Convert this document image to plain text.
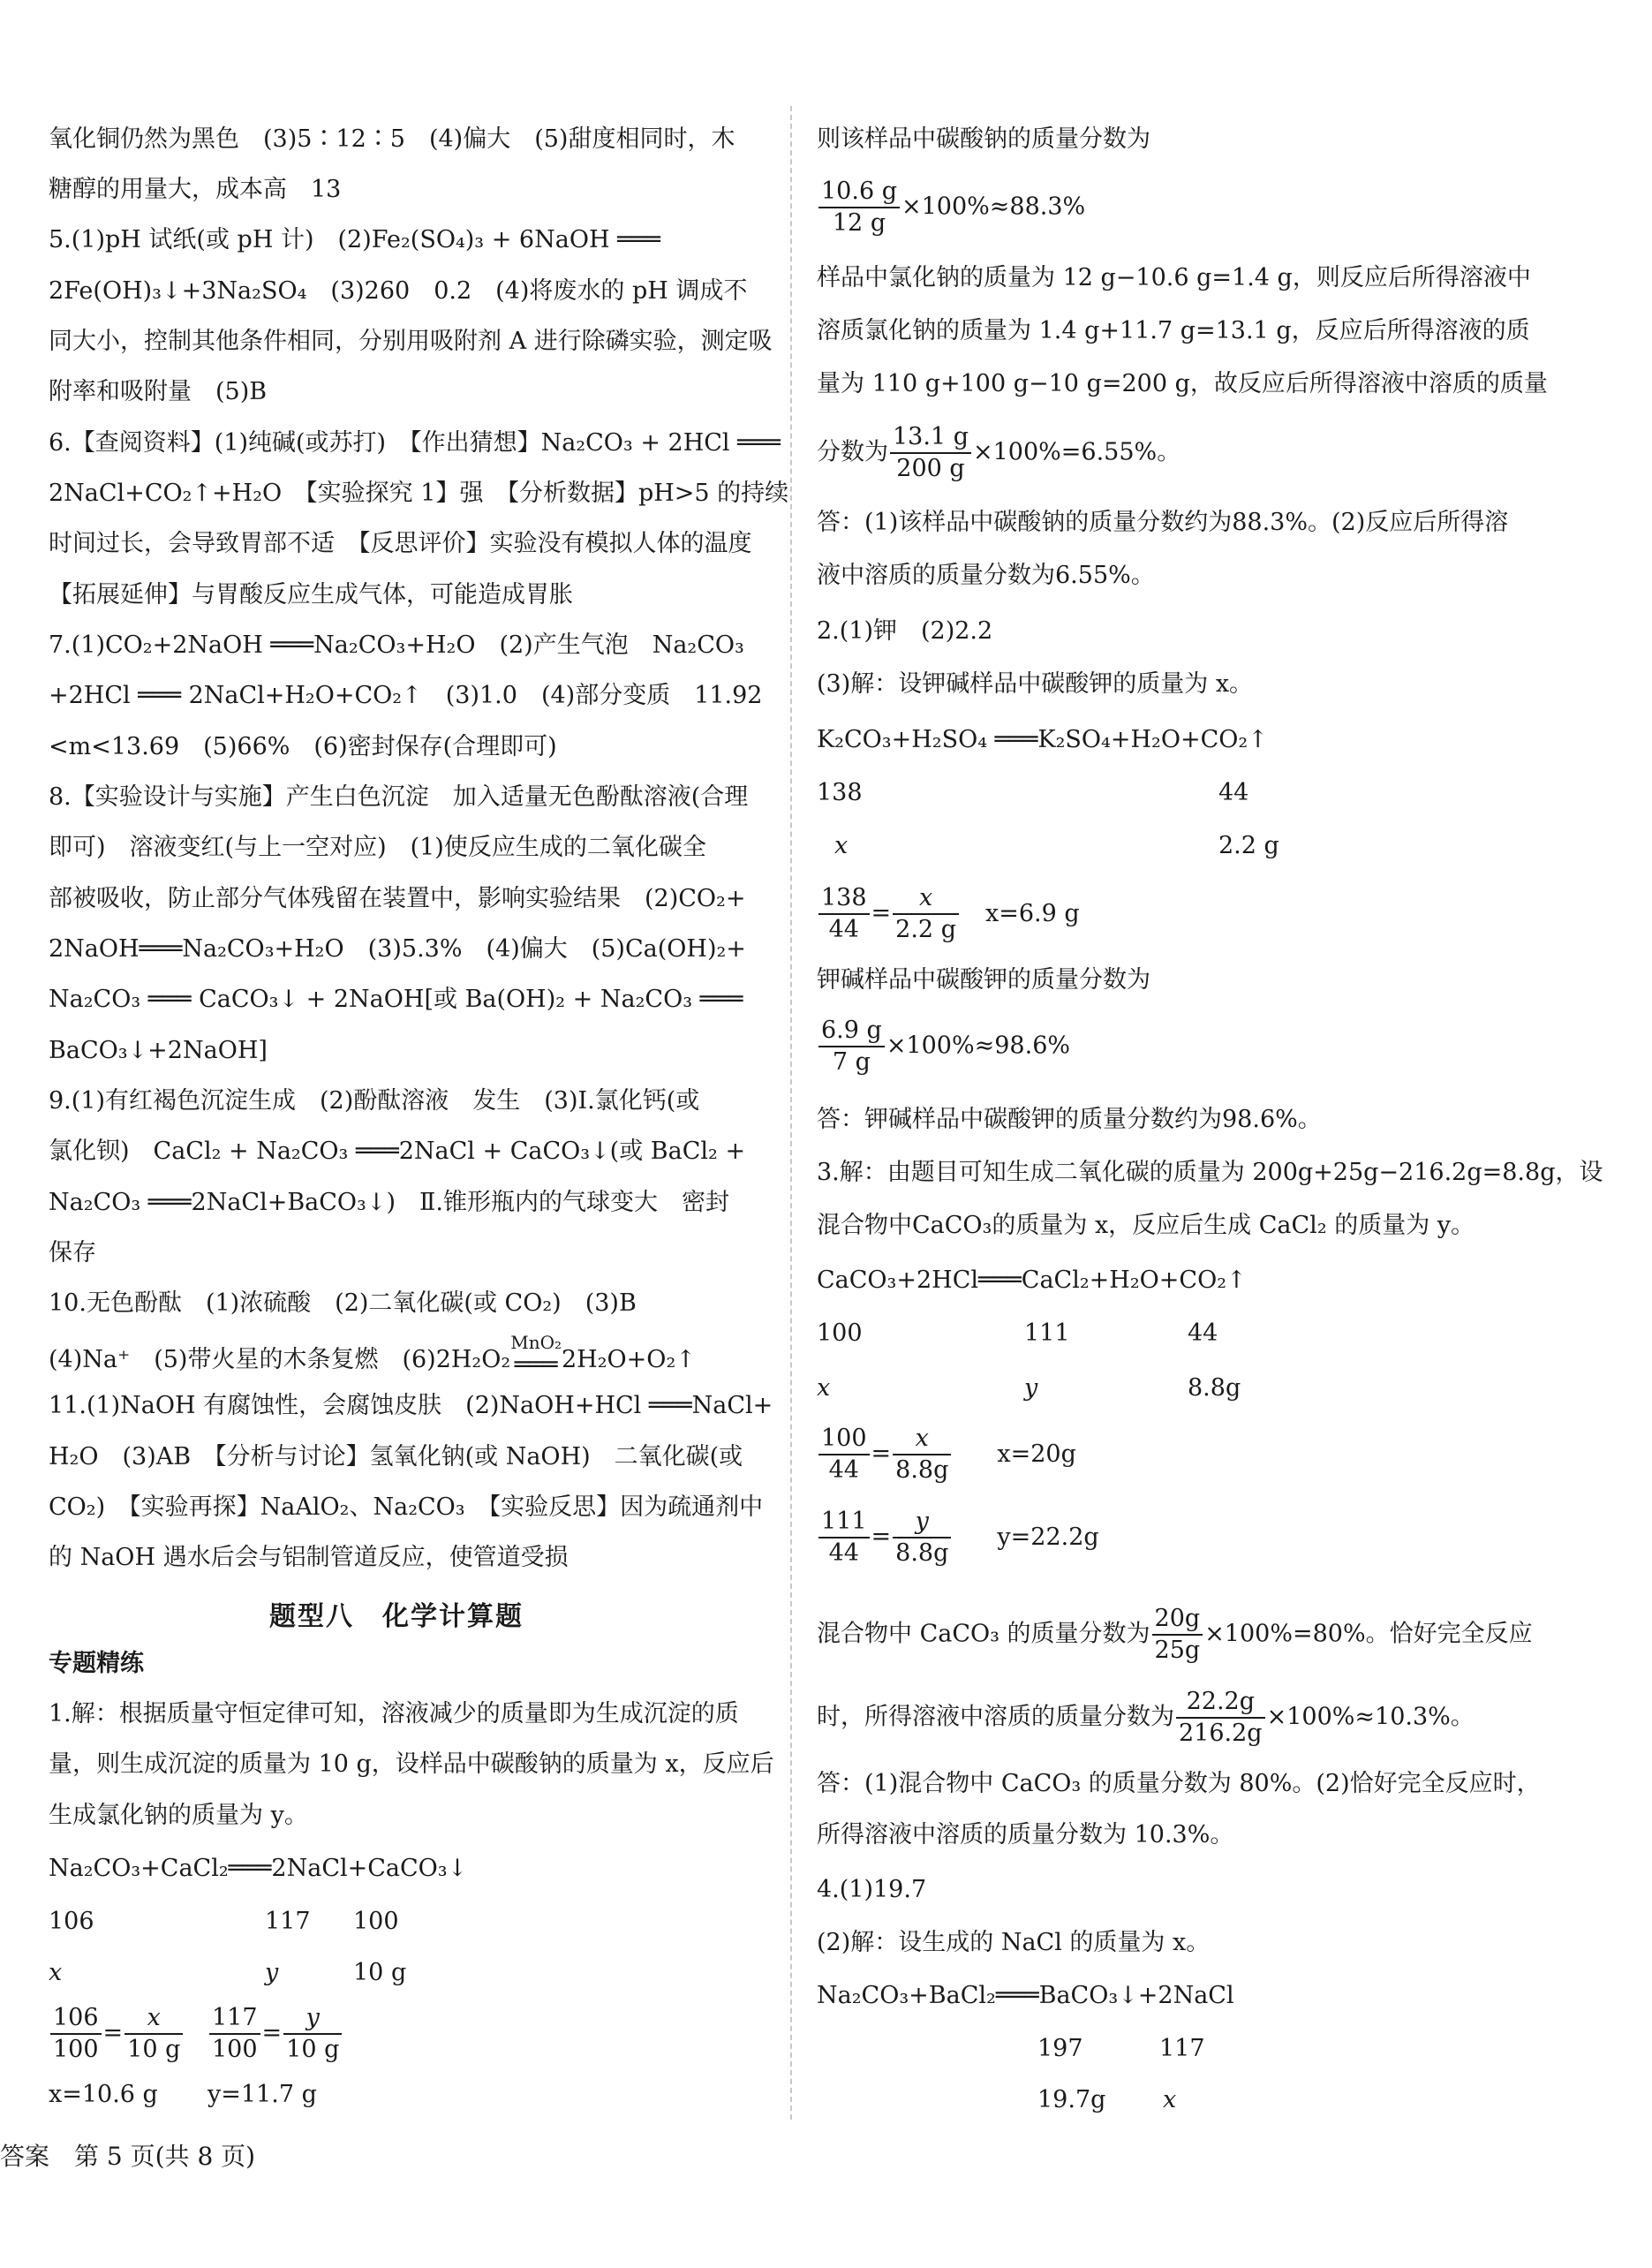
氧化铜仍然为黑色　(3)5∶12∶5　(4)偏大　(5)甜度相同时，木
糖醇的用量大，成本高　13
5.(1)pH 试纸(或 pH 计)　(2)Fe₂(SO₄)₃ + 6NaOH ═══
2Fe(OH)₃↓+3Na₂SO₄　(3)260　0.2　(4)将废水的 pH 调成不
同大小，控制其他条件相同，分别用吸附剂 A 进行除磷实验，测定吸
附率和吸附量　(5)B
6.【查阅资料】(1)纯碱(或苏打)　【作出猜想】Na₂CO₃ + 2HCl ═══
2NaCl+CO₂↑+H₂O　【实验探究 1】强　【分析数据】pH>5 的持续
时间过长，会导致胃部不适　【反思评价】实验没有模拟人体的温度
【拓展延伸】与胃酸反应生成气体，可能造成胃胀
7.(1)CO₂+2NaOH ═══Na₂CO₃+H₂O　(2)产生气泡　Na₂CO₃
+2HCl ═══ 2NaCl+H₂O+CO₂↑　(3)1.0　(4)部分变质　11.92
<m<13.69　(5)66%　(6)密封保存(合理即可)
8.【实验设计与实施】产生白色沉淀　加入适量无色酚酞溶液(合理
即可)　溶液变红(与上一空对应)　(1)使反应生成的二氧化碳全
部被吸收，防止部分气体残留在装置中，影响实验结果　(2)CO₂+
2NaOH═══Na₂CO₃+H₂O　(3)5.3%　(4)偏大　(5)Ca(OH)₂+
Na₂CO₃ ═══ CaCO₃↓ + 2NaOH[或 Ba(OH)₂ + Na₂CO₃ ═══
BaCO₃↓+2NaOH]
9.(1)有红褐色沉淀生成　(2)酚酞溶液　发生　(3)Ⅰ.氯化钙(或
氯化钡)　CaCl₂ + Na₂CO₃ ═══2NaCl + CaCO₃↓(或 BaCl₂ +
Na₂CO₃ ═══2NaCl+BaCO₃↓)　Ⅱ.锥形瓶内的气球变大　密封
保存
10.无色酚酞　(1)浓硫酸　(2)二氧化碳(或 CO₂)　(3)B
(4)Na⁺　(5)带火星的木条复燃　(6)2H₂O₂
MnO₂
═══ 2H₂O+O₂↑
11.(1)NaOH 有腐蚀性，会腐蚀皮肤　(2)NaOH+HCl ═══NaCl+
H₂O　(3)AB　【分析与讨论】氢氧化钠(或 NaOH)　二氧化碳(或
CO₂)　【实验再探】NaAlO₂、Na₂CO₃　【实验反思】因为疏通剂中
的 NaOH 遇水后会与铝制管道反应，使管道受损
题型八　化学计算题
专题精练
1.解：根据质量守恒定律可知，溶液减少的质量即为生成沉淀的质
量，则生成沉淀的质量为 10 g，设样品中碳酸钠的质量为 x，反应后
生成氯化钠的质量为 y。
Na₂CO₃+CaCl₂═══2NaCl+CaCO₃↓
106	117 100
x	y	10 g
$\frac{106}{100} = \frac{x}{10 g} \frac{117}{100} = \frac{y}{10 g}$
x=10.6 g y=11.7 g
则该样品中碳酸钠的质量分数为
$\frac{10.6 g}{12 g} \times 100\%\approx 88.3\%$
样品中氯化钠的质量为 12 g−10.6 g=1.4 g，则反应后所得溶液中
溶质氯化钠的质量为 1.4 g+11.7 g=13.1 g，反应后所得溶液的质
量为 110 g+100 g−10 g=200 g，故反应后所得溶液中溶质的质量
分数为 $\frac{13.1 g}{200 g} \times 100\%=6.55\%$。
答：(1)该样品中碳酸钠的质量分数约为88.3%。(2)反应后所得溶
液中溶质的质量分数为6.55%。
2.(1)钾　(2)2.2
(3)解：设钾碱样品中碳酸钾的质量为 x。
K₂CO₃+H₂SO₄ ═══K₂SO₄+H₂O+CO₂↑
138	44
x	2.2 g
$\frac{138}{44} = \frac{x}{2.2 g} x=6.9$ g
钾碱样品中碳酸钾的质量分数为
$\frac{6.9 g}{7 g} \times 100\%\approx 98.6\%$
答：钾碱样品中碳酸钾的质量分数约为98.6%。
3.解：由题目可知生成二氧化碳的质量为 200g+25g−216.2g=8.8g，设
混合物中CaCO₃的质量为 x，反应后生成 CaCl₂ 的质量为 y。
CaCO₃+2HCl═══CaCl₂+H₂O+CO₂↑
100	111	44
x	y	8.8g
$\frac{100}{44} = \frac{x}{8.8g} x=20g$
$\frac{111}{44} = \frac{y}{8.8g} y=22.2g$
混合物中 CaCO₃ 的质量分数为 $\frac{20g}{25g} \times 100\%=80\%$。恰好完全反应
时，所得溶液中溶质的质量分数为 $\frac{22.2g}{216.2g} \times 100\%\approx 10.3\%$。
答：(1)混合物中 CaCO₃ 的质量分数为 80%。(2)恰好完全反应时，
所得溶液中溶质的质量分数为 10.3%。
4.(1)19.7
(2)解：设生成的 NaCl 的质量为 x。
Na₂CO₃+BaCl₂═══BaCO₃↓+2NaCl
197	117
19.7g x
答案　第 5 页(共 8 页)
